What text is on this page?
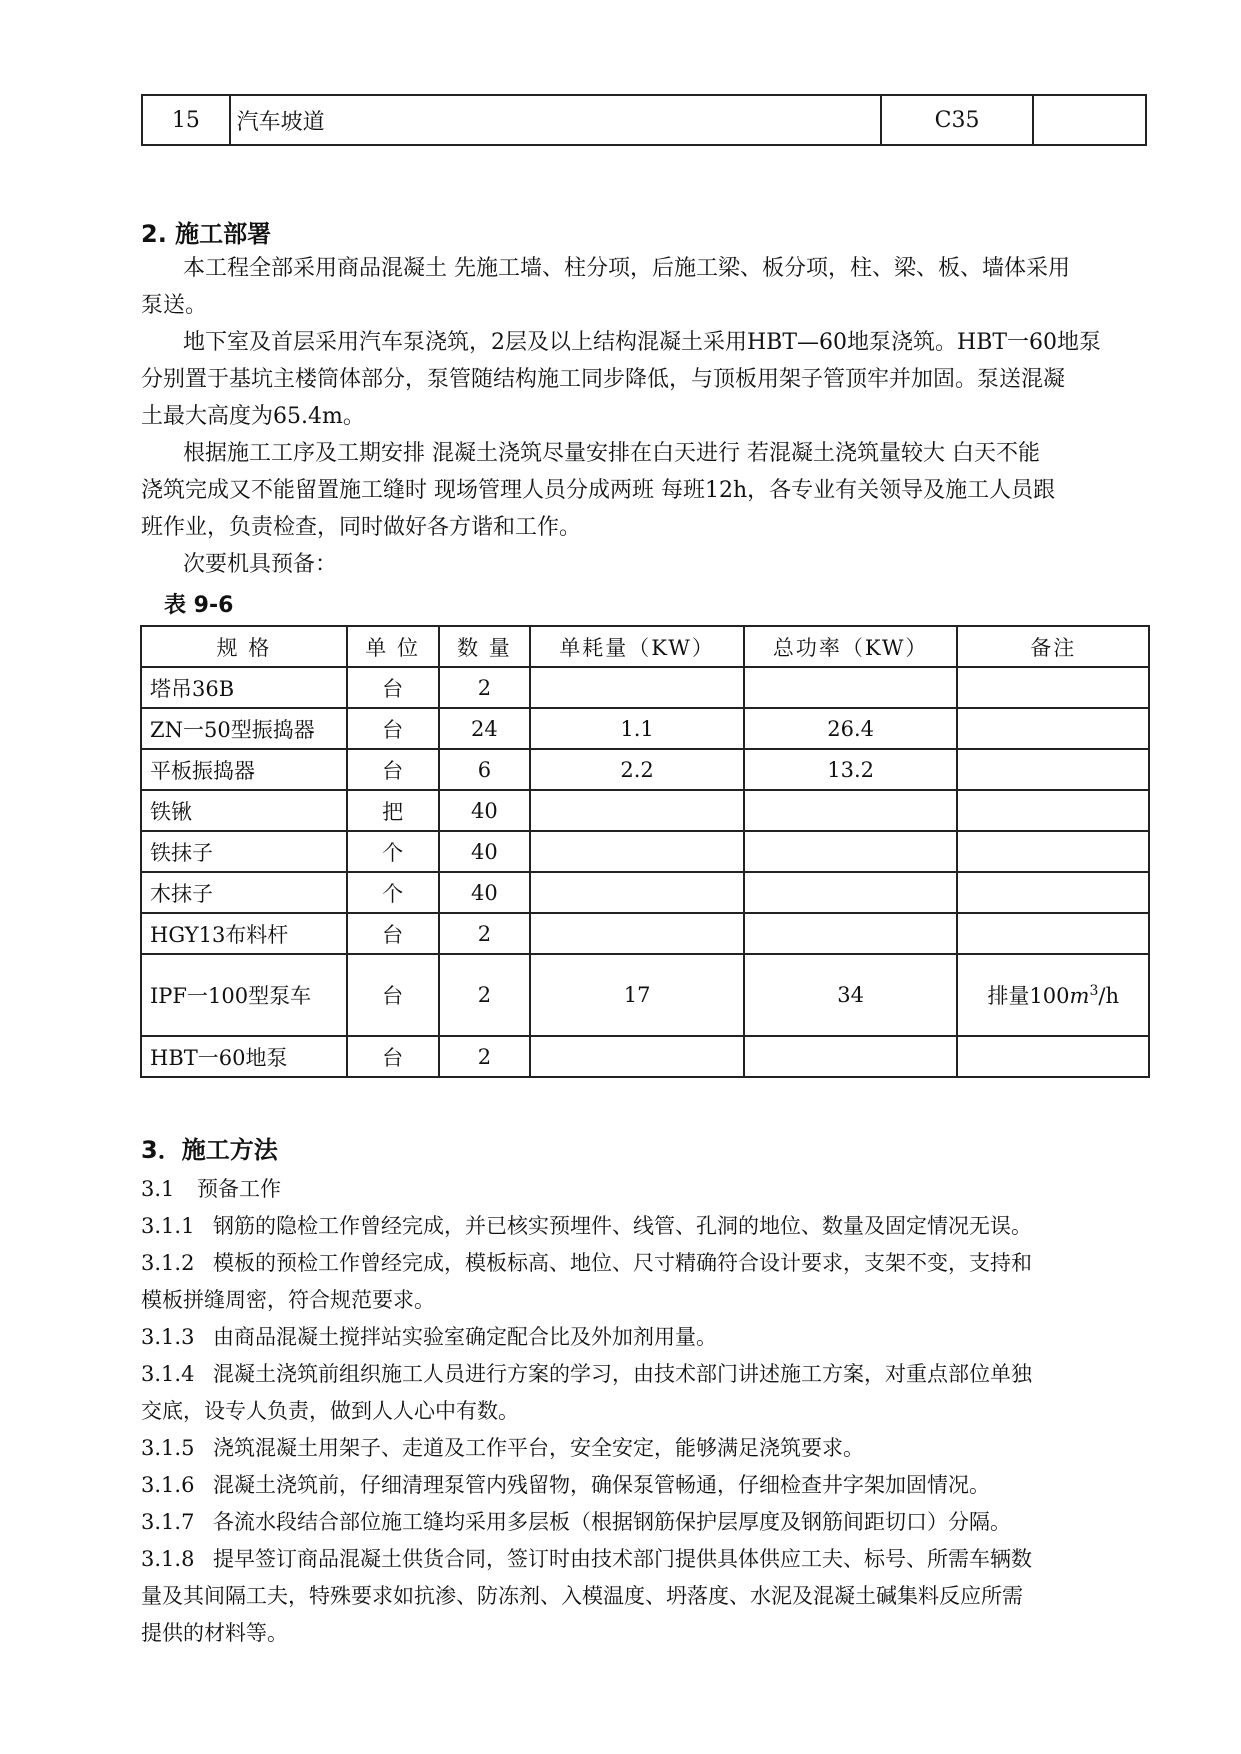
15	汽车坡道	C35	
2. 施工部署
本工程全部采用商品混凝土 先施工墙、柱分项，后施工梁、板分项，柱、梁、板、墙体采用
泵送。
地下室及首层采用汽车泵浇筑，2层及以上结构混凝土采用HBT—60地泵浇筑。HBT一60地泵
分别置于基坑主楼筒体部分，泵管随结构施工同步降低，与顶板用架子管顶牢并加固。泵送混凝
土最大高度为65.4m。
根据施工工序及工期安排 混凝土浇筑尽量安排在白天进行 若混凝土浇筑量较大 白天不能
浇筑完成又不能留置施工缝时 现场管理人员分成两班 每班12h，各专业有关领导及施工人员跟
班作业，负责检查，同时做好各方谐和工作。
次要机具预备：
表 9-6
规 格	单 位	数 量	单耗量（KW）	总功率（KW）	备注
塔吊36B	台	2			
ZN一50型振捣器	台	24	1.1	26.4	
平板振捣器	台	6	2.2	13.2	
铁锹	把	40			
铁抹子	个	40			
木抹子	个	40			
HGY13布料杆	台	2			
IPF一100型泵车	台	2	17	34	排量$100m^3/h$
HBT一60地泵	台	2			
3．施工方法
3.1 预备工作
3.1.1 钢筋的隐检工作曾经完成，并已核实预埋件、线管、孔洞的地位、数量及固定情况无误。
3.1.2 模板的预检工作曾经完成，模板标高、地位、尺寸精确符合设计要求，支架不变，支持和
模板拼缝周密，符合规范要求。
3.1.3 由商品混凝土搅拌站实验室确定配合比及外加剂用量。
3.1.4 混凝土浇筑前组织施工人员进行方案的学习，由技术部门讲述施工方案，对重点部位单独
交底，设专人负责，做到人人心中有数。
3.1.5 浇筑混凝土用架子、走道及工作平台，安全安定，能够满足浇筑要求。
3.1.6 混凝土浇筑前，仔细清理泵管内残留物，确保泵管畅通，仔细检查井字架加固情况。
3.1.7 各流水段结合部位施工缝均采用多层板（根据钢筋保护层厚度及钢筋间距切口）分隔。
3.1.8 提早签订商品混凝土供货合同，签订时由技术部门提供具体供应工夫、标号、所需车辆数
量及其间隔工夫，特殊要求如抗渗、防冻剂、入模温度、坍落度、水泥及混凝土碱集料反应所需
提供的材料等。
